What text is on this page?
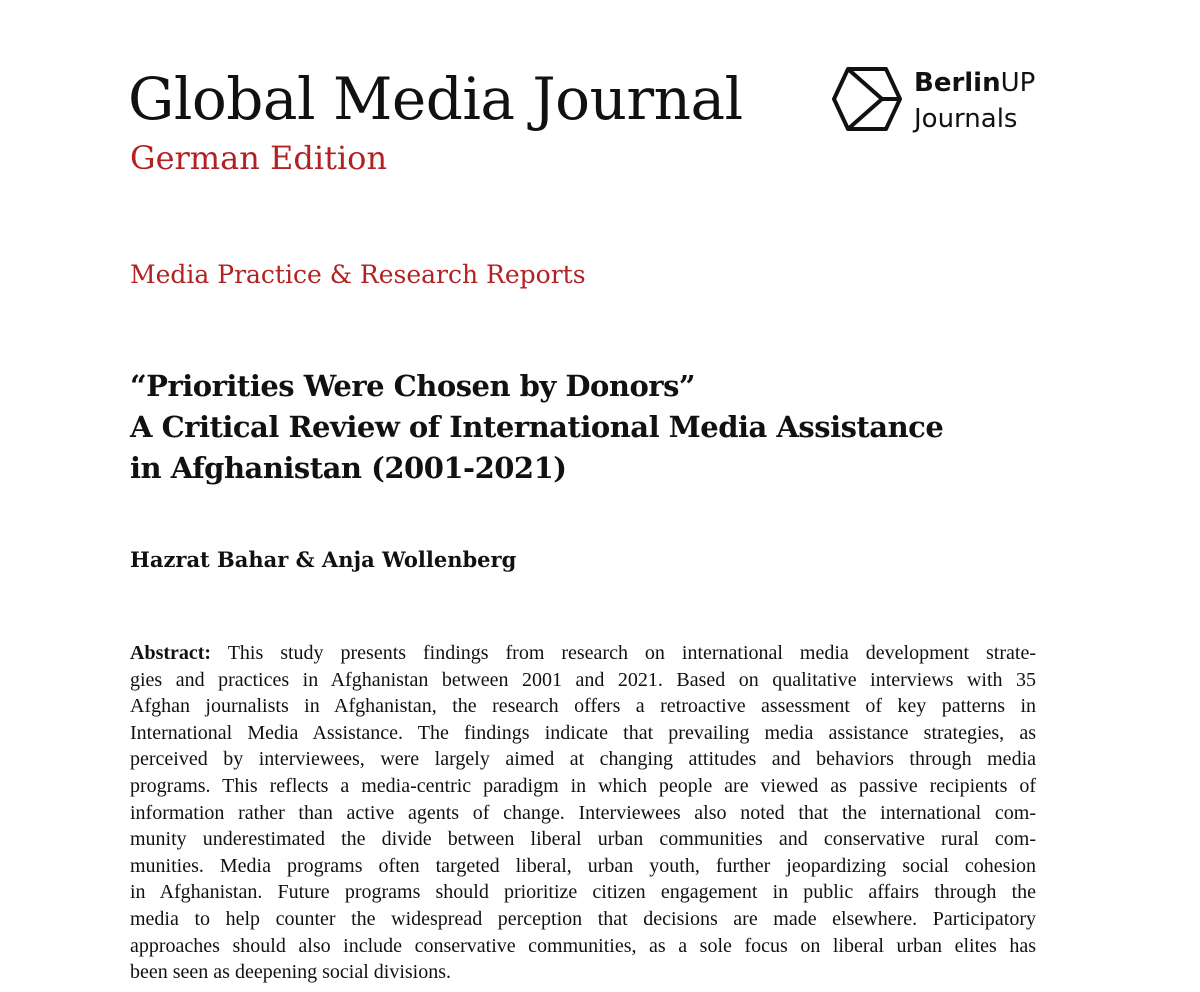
Global Media Journal
German Edition
BerlinUP
Journals
Media Practice & Research Reports
“Priorities Were Chosen by Donors”
A Critical Review of International Media Assistance
in Afghanistan (2001-2021)
Hazrat Bahar & Anja Wollenberg
Abstract: This study presents findings from research on international media development strate-
gies and practices in Afghanistan between 2001 and 2021. Based on qualitative interviews with 35
Afghan journalists in Afghanistan, the research offers a retroactive assessment of key patterns in
International Media Assistance. The findings indicate that prevailing media assistance strategies, as
perceived by interviewees, were largely aimed at changing attitudes and behaviors through media
programs. This reflects a media-centric paradigm in which people are viewed as passive recipients of
information rather than active agents of change. Interviewees also noted that the international com-
munity underestimated the divide between liberal urban communities and conservative rural com-
munities. Media programs often targeted liberal, urban youth, further jeopardizing social cohesion
in Afghanistan. Future programs should prioritize citizen engagement in public affairs through the
media to help counter the widespread perception that decisions are made elsewhere. Participatory
approaches should also include conservative communities, as a sole focus on liberal urban elites has
been seen as deepening social divisions.
